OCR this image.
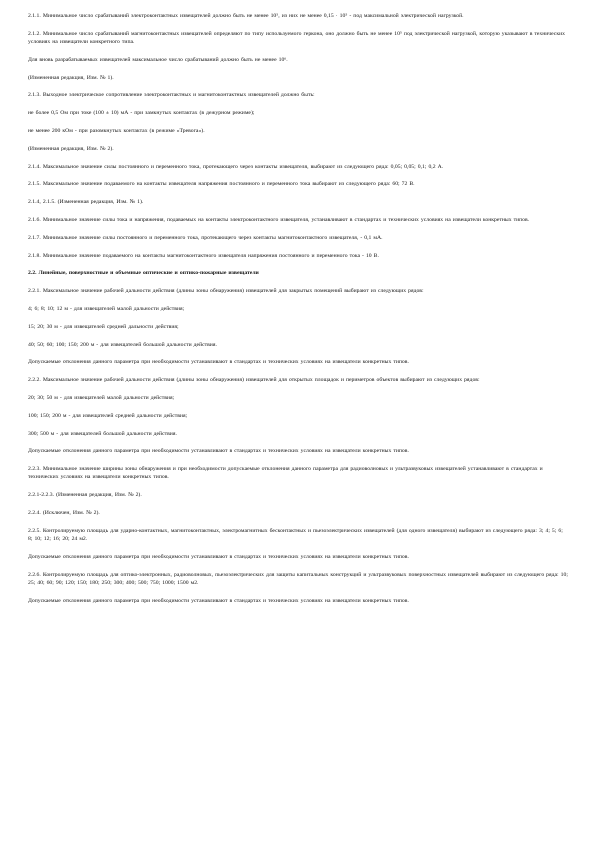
2.1.1. Минимальное число срабатываний электроконтактных извещателей должно быть не менее 10⁵, из них не менее 0,15 · 10⁵ - под максимальной электрической нагрузкой.

2.1.2. Минимальное число срабатываний магнитоконтактных извещателей определяют по типу используемого геркона, оно должно быть не менее 10⁵ под электрической нагрузкой, которую указывают в технических условиях на извещатели конкретного типа.

Для вновь разрабатываемых извещателей максимальное число срабатываний должно быть не менее 10⁶.

(Измененная редакция, Изм. № 1).

2.1.3. Выходное электрическое сопротивление электроконтактных и магнитоконтактных извещателей должно быть:

не более 0,5 Ом при токе (100 ± 10) мА - при замкнутых контактах (в дежурном режиме);

не менее 200 кОм - при разомкнутых контактах (в режиме «Тревога»).

(Измененная редакция, Изм. № 2).

2.1.4. Максимальное значение силы постоянного и переменного тока, протекающего через контакты извещателя, выбирают из следующего ряда: 0,05; 0,05; 0,1; 0,2 А.

2.1.5. Максимальное значение подаваемого на контакты извещателя напряжения постоянного и переменного тока выбирают из следующего ряда: 60; 72 В.

2.1.4, 2.1.5. (Измененная редакция, Изм. № 1).

2.1.6. Минимальное значение силы тока и напряжения, подаваемых на контакты электроконтактного извещателя, устанавливают в стандартах и технических условиях на извещатели конкретных типов.

2.1.7. Минимальное значение силы постоянного и переменного тока, протекающего через контакты магнитоконтактного извещателя, - 0,1 мА.

2.1.8. Минимальное значение подаваемого на контакты магнитоконтактного извещателя напряжения постоянного и переменного тока - 10 В.

2.2. Линейные, поверхностные и объемные оптические и оптико-пожарные извещатели

2.2.1. Максимальное значение рабочей дальности действия (длины зоны обнаружения) извещателей для закрытых помещений выбирают из следующих рядов:

4; 6; 8; 10; 12 м - для извещателей малой дальности действия;

15; 20; 30 м - для извещателей средней дальности действия;

40; 50; 60; 100; 150; 200 м - для извещателей большой дальности действия.

Допускаемые отклонения данного параметра при необходимости устанавливают в стандартах и технических условиях на извещатели конкретных типов.

2.2.2. Максимальное значение рабочей дальности действия (длины зоны обнаружения) извещателей для открытых площадок и периметров объектов выбирают из следующих рядов:

20; 30; 50 м - для извещателей малой дальности действия;

100; 150; 200 м - для извещателей средней дальности действия;

300; 500 м - для извещателей большой дальности действия.

Допускаемые отклонения данного параметра при необходимости устанавливают в стандартах и технических условиях на извещатели конкретных типов.

2.2.3. Минимальное значение ширины зоны обнаружения и при необходимости допускаемые отклонения данного параметра для радиоволновых и ультразвуковых извещателей устанавливают в стандартах и технических условиях на извещатели конкретных типов.

2.2.1-2.2.3. (Измененная редакция, Изм. № 2).

2.2.4. (Исключен, Изм. № 2).

2.2.5. Контролируемую площадь для ударно-контактных, магнитоконтактных, электромагнитных бесконтактных и пьезоэлектрических извещателей (для одного извещателя) выбирают из следующего ряда: 3; 4; 5; 6; 8; 10; 12; 16; 20; 24 м2.

Допускаемые отклонения данного параметра при необходимости устанавливают в стандартах и технических условиях на извещатели конкретных типов.

2.2.6. Контролируемую площадь для оптико-электронных, радиоволновых, пьезоэлектрических для защиты капитальных конструкций и ультразвуковых поверхностных извещателей выбирают из следующего ряда: 10; 25; 40; 60; 90; 120; 150; 180; 250; 300; 400; 500; 750; 1000; 1500 м2.

Допускаемые отклонения данного параметра при необходимости устанавливают в стандартах и технических условиях на извещатели конкретных типов.
